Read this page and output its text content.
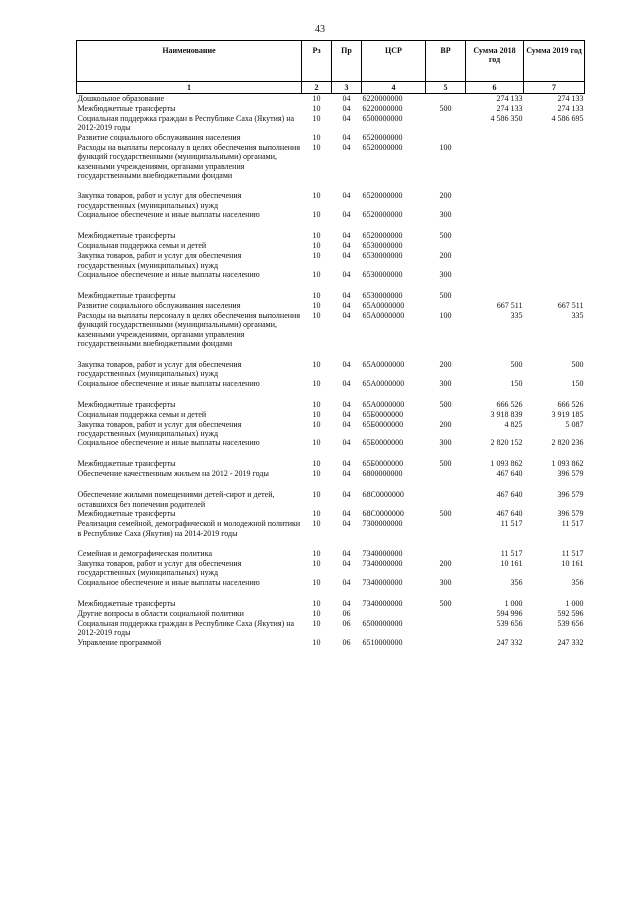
43
Наименование	Рз	Пр	ЦСР	ВР	Сумма 2018 год	Сумма 2019 год
1	2	3	4	5	6	7
Дошкольное образование	10	04	6220000000		274 133	274 133
Межбюджетные трансферты	10	04	6220000000	500	274 133	274 133
Социальная поддержка граждан в Республике Саха (Якутия) на 2012-2019 годы	10	04	6500000000		4 586 350	4 586 695
Развитие социального обслуживания населения	10	04	6520000000			
Расходы на выплаты персоналу в целях обеспечения выполнения функций государственными (муниципальными) органами, казенными учреждениями, органами управления государственными внебюджетными фондами	10	04	6520000000	100		

Закупка товаров, работ и услуг для обеспечения государственных (муниципальных) нужд	10	04	6520000000	200		
Социальное обеспечение и иные выплаты населению	10	04	6520000000	300		

Межбюджетные трансферты	10	04	6520000000	500		
Социальная поддержка семьи и детей	10	04	6530000000			
Закупка товаров, работ и услуг для обеспечения государственных (муниципальных) нужд	10	04	6530000000	200		
Социальное обеспечение и иные выплаты населению	10	04	6530000000	300		

Межбюджетные трансферты	10	04	6530000000	500		
Развитие социального обслуживания населения	10	04	65А0000000		667 511	667 511
Расходы на выплаты персоналу в целях обеспечения выполнения функций государственными (муниципальными) органами, казенными учреждениями, органами управления государственными внебюджетными фондами	10	04	65А0000000	100	335	335

Закупка товаров, работ и услуг для обеспечения государственных (муниципальных) нужд	10	04	65А0000000	200	500	500
Социальное обеспечение и иные выплаты населению	10	04	65А0000000	300	150	150

Межбюджетные трансферты	10	04	65А0000000	500	666 526	666 526
Социальная поддержка семьи и детей	10	04	65Б0000000		3 918 839	3 919 185
Закупка товаров, работ и услуг для обеспечения государственных (муниципальных) нужд	10	04	65Б0000000	200	4 825	5 087
Социальное обеспечение и иные выплаты населению	10	04	65Б0000000	300	2 820 152	2 820 236

Межбюджетные трансферты	10	04	65Б0000000	500	1 093 862	1 093 862
Обеспечение качественным жильем на 2012 - 2019 годы	10	04	6800000000		467 640	396 579

Обеспечение жилыми помещениями детей-сирот и детей, оставшихся без попечения родителей	10	04	68С0000000		467 640	396 579
Межбюджетные трансферты	10	04	68С0000000	500	467 640	396 579
Реализация семейной, демографической и молодежной политики в Республике Саха (Якутия) на 2014-2019 годы	10	04	7300000000		11 517	11 517

Семейная и демографическая политика	10	04	7340000000		11 517	11 517
Закупка товаров, работ и услуг для обеспечения государственных (муниципальных) нужд	10	04	7340000000	200	10 161	10 161
Социальное обеспечение и иные выплаты населению	10	04	7340000000	300	356	356

Межбюджетные трансферты	10	04	7340000000	500	1 000	1 000
Другие вопросы в области социальной политики	10	06			594 996	592 596
Социальная поддержка граждан в Республике Саха (Якутия) на 2012-2019 годы	10	06	6500000000		539 656	539 656
Управление программой	10	06	6510000000		247 332	247 332
